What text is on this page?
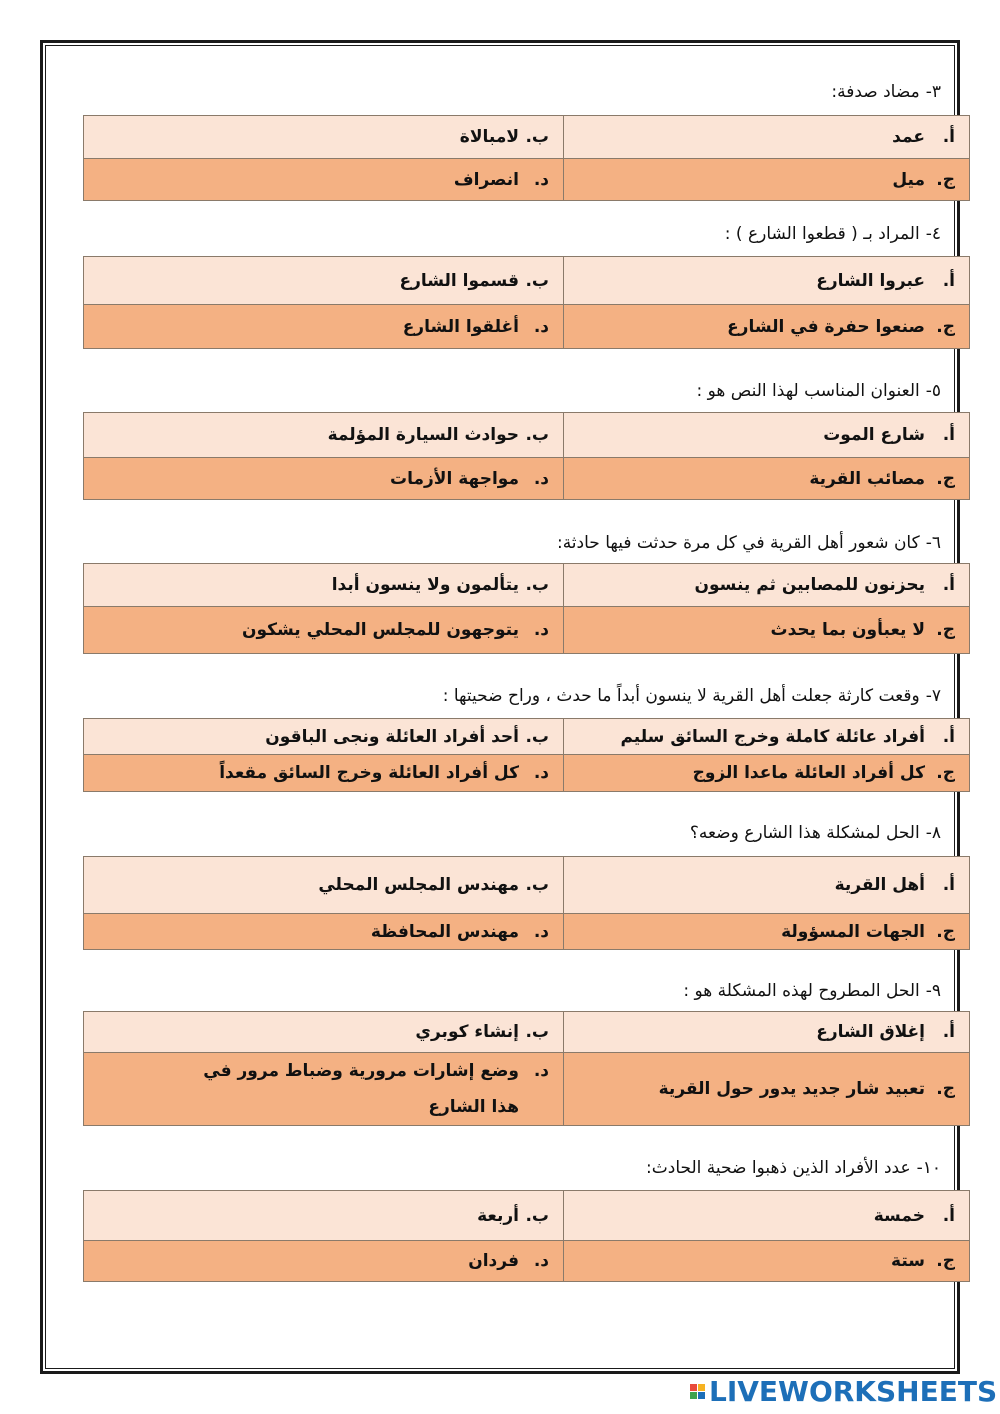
٣-مضاد صدفة:
أ.عمد	ب.لامبالاة
ج.ميل	د.انصراف
٤-المراد بـ ( قطعوا الشارع ) :
أ.عبروا الشارع	ب.قسموا الشارع
ج.صنعوا حفرة في الشارع	د.أغلقوا الشارع
٥-العنوان المناسب لهذا النص هو :
أ.شارع الموت	ب.حوادث السيارة المؤلمة
ج.مصائب القرية	د.مواجهة الأزمات
٦-كان شعور أهل القرية في كل مرة حدثت فيها حادثة:
أ.يحزنون للمصابين ثم ينسون	ب.يتألمون ولا ينسون أبدا
ج.لا يعبأون بما يحدث	د.يتوجهون للمجلس المحلي يشكون
٧-وقعت كارثة جعلت أهل القرية لا ينسون أبداً ما حدث ، وراح ضحيتها :
أ.أفراد عائلة كاملة وخرج السائق سليم	ب.أحد أفراد العائلة ونجى الباقون
ج.كل أفراد العائلة ماعدا الزوج	د.كل أفراد العائلة وخرج السائق مقعداً
٨-الحل لمشكلة هذا الشارع وضعه؟
أ.أهل القرية	ب.مهندس المجلس المحلي
ج.الجهات المسؤولة	د.مهندس المحافظة
٩-الحل المطروح لهذه المشكلة هو :
أ.إغلاق الشارع	ب.إنشاء كوبري
ج.تعبيد شار جديد يدور حول القرية	د.
وضع إشارات مرورية وضباط مرور في هذا الشارع
١٠-عدد الأفراد الذين ذهبوا ضحية الحادث:
أ.خمسة	ب.أربعة
ج.ستة	د.فردان
LIVEWORKSHEETS
